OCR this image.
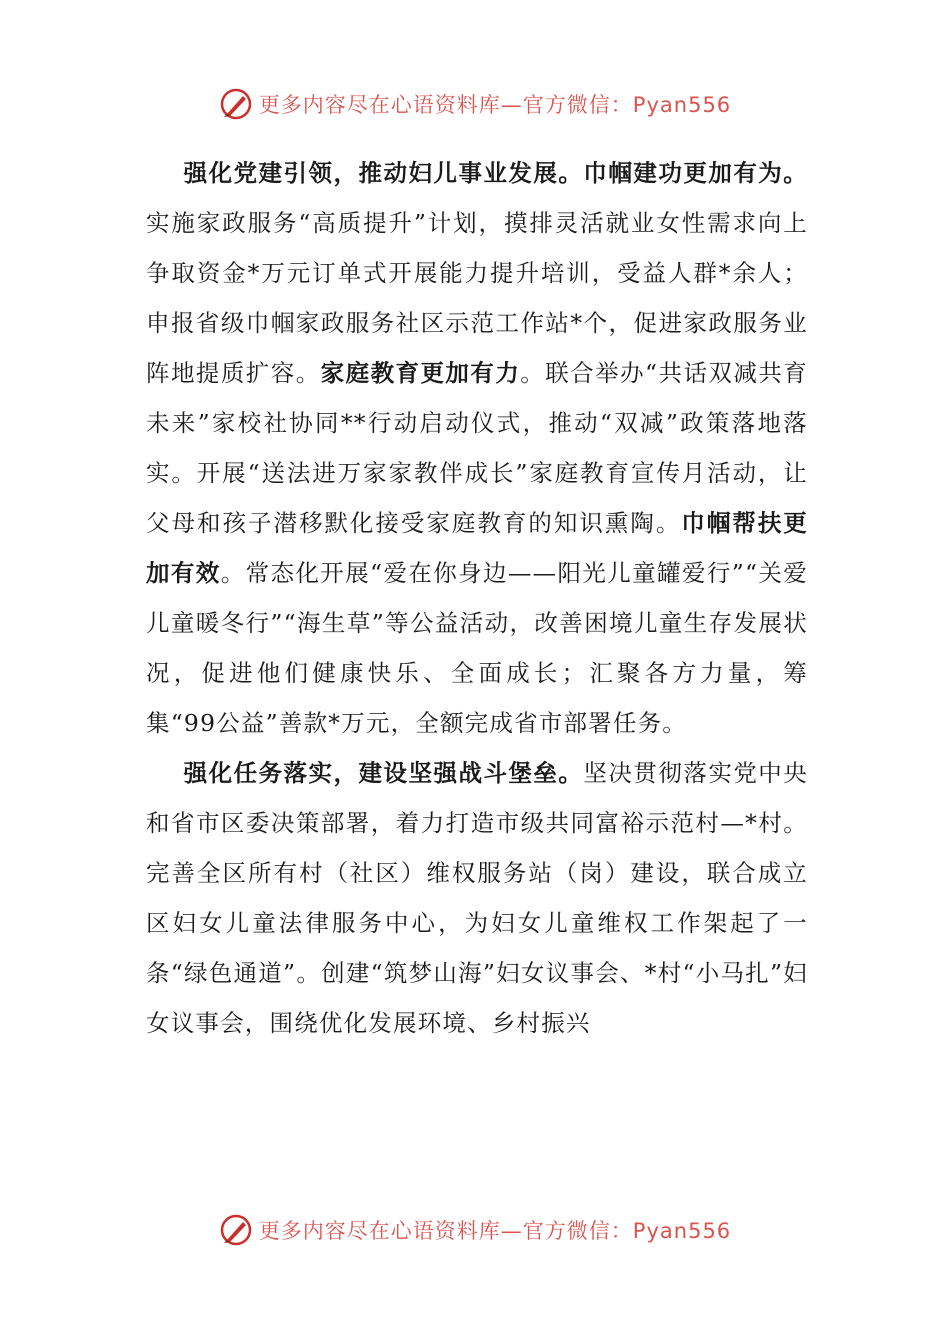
更多内容尽在心语资料库—官方微信：Pyan556

强化党建引领，推动妇儿事业发展。巾帼建功更加有为。实施家政服务“高质提升”计划，摸排灵活就业女性需求向上争取资金*万元订单式开展能力提升培训，受益人群*余人；申报省级巾帼家政服务社区示范工作站*个，促进家政服务业阵地提质扩容。家庭教育更加有力。联合举办“共话双减共育未来”家校社协同**行动启动仪式，推动“双减”政策落地落实。开展“送法进万家家教伴成长”家庭教育宣传月活动，让父母和孩子潜移默化接受家庭教育的知识熏陶。巾帼帮扶更加有效。常态化开展“爱在你身边——阳光儿童罐爱行”“关爱儿童暖冬行”“海生草”等公益活动，改善困境儿童生存发展状况，促进他们健康快乐、全面成长；汇聚各方力量，筹集“99公益”善款*万元，全额完成省市部署任务。

强化任务落实，建设坚强战斗堡垒。坚决贯彻落实党中央和省市区委决策部署，着力打造市级共同富裕示范村—*村。完善全区所有村（社区）维权服务站（岗）建设，联合成立区妇女儿童法律服务中心，为妇女儿童维权工作架起了一条“绿色通道”。创建“筑梦山海”妇女议事会、*村“小马扎”妇女议事会，围绕优化发展环境、乡村振兴

更多内容尽在心语资料库—官方微信：Pyan556
